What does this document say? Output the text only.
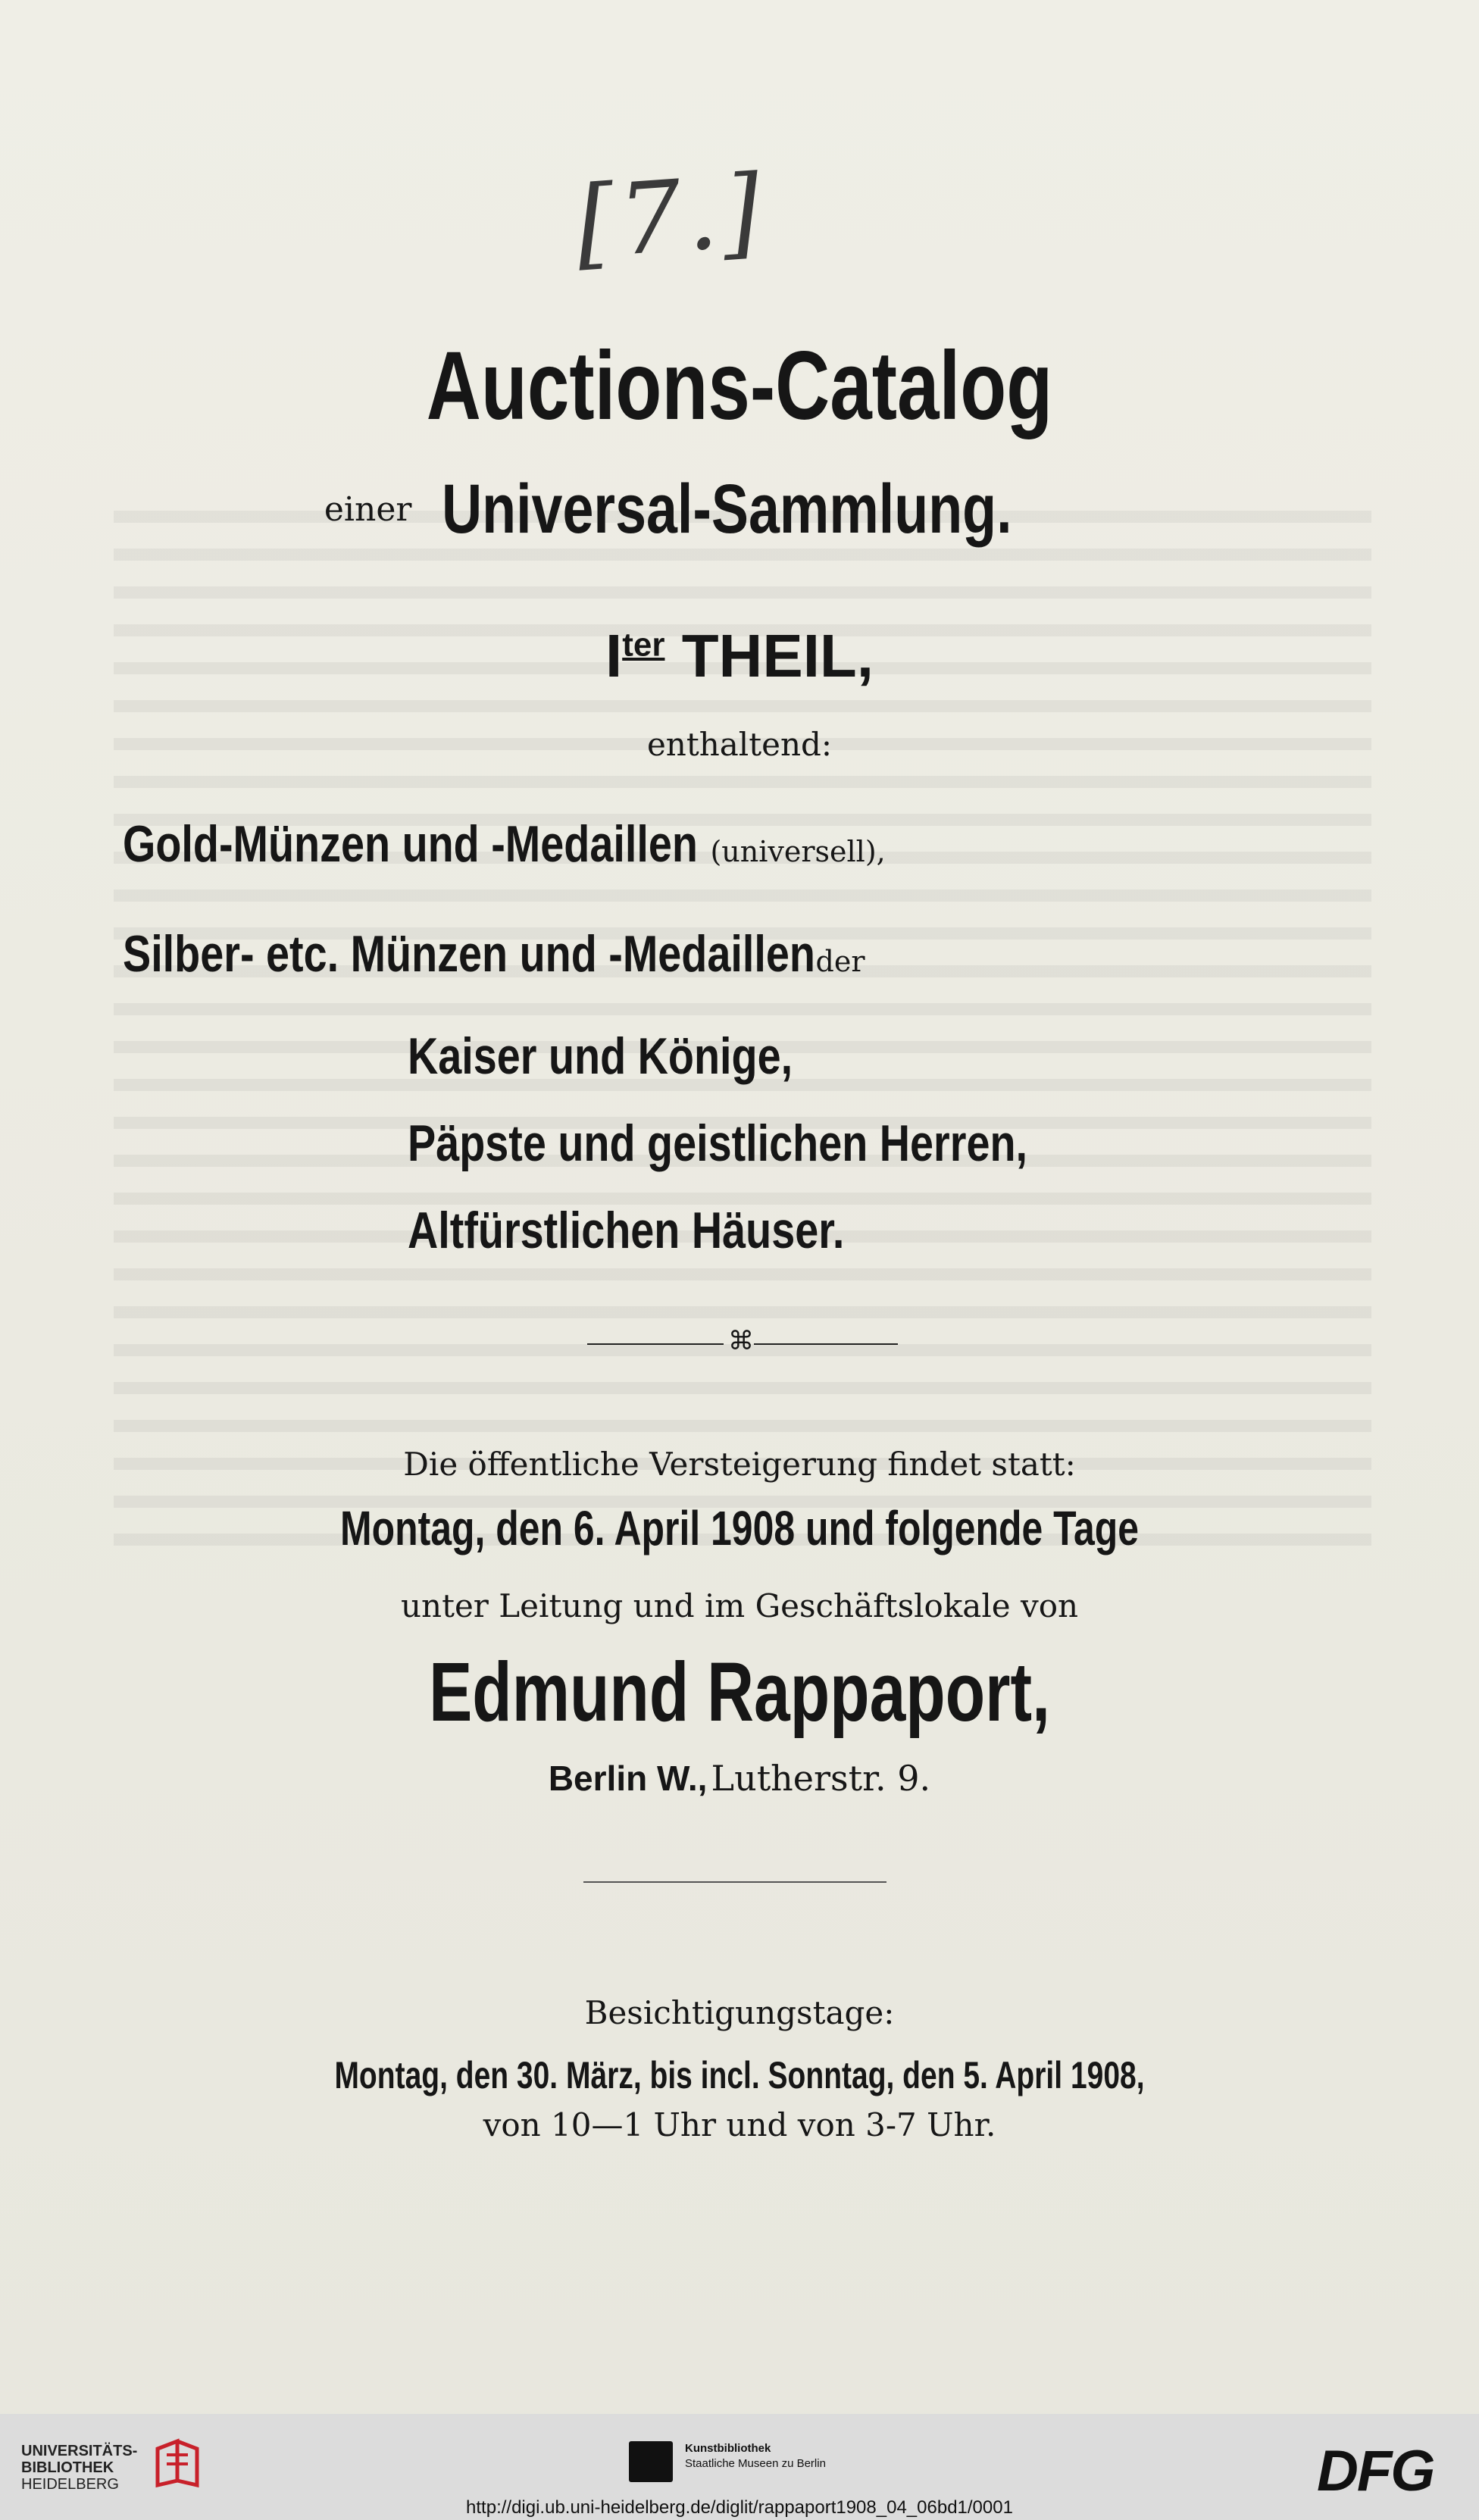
[7.]
Auctions-Catalog
einer Universal-Sammlung.
$I^{ter}$ THEIL,
enthaltend:
Gold-Münzen und -Medaillen (universell),
Silber- etc. Münzen und -Medaillender
Kaiser und Könige,
Päpste und geistlichen Herren,
Altfürstlichen Häuser.
⌘
Die öffentliche Versteigerung findet statt:
Montag, den 6. April 1908 und folgende Tage
unter Leitung und im Geschäftslokale von
Edmund Rappaport,
Berlin W., Lutherstr. 9.
Besichtigungstage:
Montag, den 30. März, bis incl. Sonntag, den 5. April 1908,
von 10—1 Uhr und von 3-7 Uhr.
UNIVERSITÄTS-
BIBLIOTHEK
HEIDELBERG
Kunstbibliothek
Staatliche Museen zu Berlin	DFG
http://digi.ub.uni-heidelberg.de/diglit/rappaport1908_04_06bd1/0001
